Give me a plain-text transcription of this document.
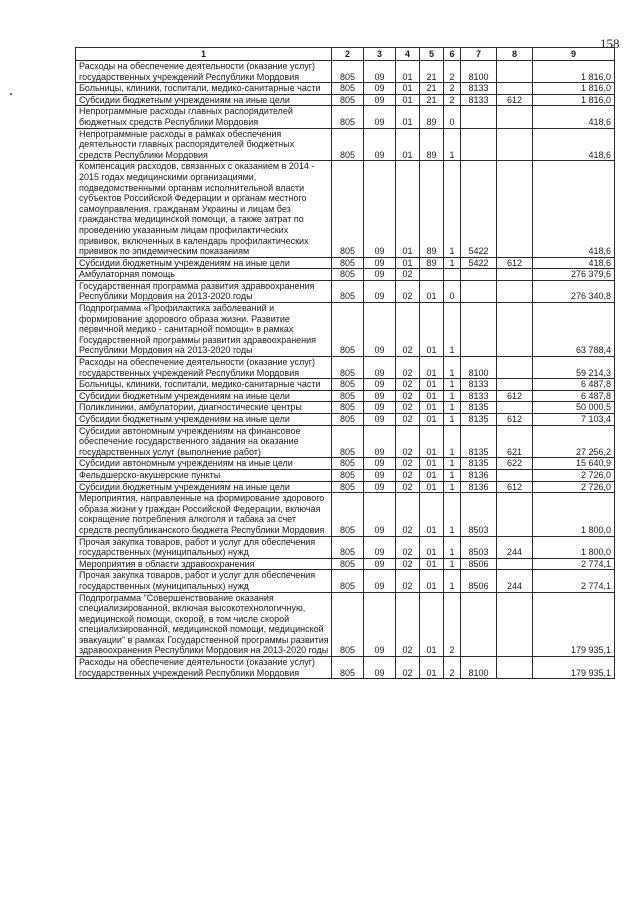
158
1	2	3	4	5	6	7	8	9
Расходы на обеспечение деятельности (оказание услуг) государственных учреждений Республики Мордовия	805	09	01	21	2	8100		1 816,0
Больницы, клиники, госпитали, медико-санитарные части	805	09	01	21	2	8133		1 816,0
Субсидии бюджетным учреждениям на иные цели	805	09	01	21	2	8133	612	1 816,0
Непрограммные расходы главных распорядителей бюджетных средств Республики Мордовия	805	09	01	89	0			418,6
Непрограммные расходы в рамках обеспечения деятельности главных распорядителей бюджетных средств Республики Мордовия	805	09	01	89	1			418,6
Компенсация расходов, связанных с оказанием в 2014 - 2015 годах медицинскими организациями, подведомственными органам исполнительной власти субъектов Российской Федерации и органам местного самоуправления, гражданам Украины и лицам без гражданства медицинской помощи, а также затрат по проведению указанным лицам профилактических прививок, включенных в календарь профилактических прививок по эпидемическим показаниям	805	09	01	89	1	5422		418,6
Субсидии бюджетным учреждениям на иные цели	805	09	01	89	1	5422	612	418,6
Амбулаторная помощь	805	09	02					276 379,6
Государственная программа развития здравоохранения Республики Мордовия на 2013-2020 годы	805	09	02	01	0			276 340,8
Подпрограмма «Профилактика заболеваний и формирование здорового образа жизни. Развитие первичной медико - санитарной помощи» в рамках Государственной программы развития здравоохранения Республики Мордовия на 2013-2020 годы	805	09	02	01	1			63 788,4
Расходы на обеспечение деятельности (оказание услуг) государственных учреждений Республики Мордовия	805	09	02	01	1	8100		59 214,3
Больницы, клиники, госпитали, медико-санитарные части	805	09	02	01	1	8133		6 487,8
Субсидии бюджетным учреждениям на иные цели	805	09	02	01	1	8133	612	6 487,8
Поликлиники, амбулатории, диагностические центры	805	09	02	01	1	8135		50 000,5
Субсидии бюджетным учреждениям на иные цели	805	09	02	01	1	8135	612	7 103,4
Субсидии автономным учреждениям на финансовое обеспечение государственного задания на оказание государственных услуг (выполнение работ)	805	09	02	01	1	8135	621	27 256,2
Субсидии автономным учреждениям на иные цели	805	09	02	01	1	8135	622	15 640,9
Фельдшерско-акушерские пункты	805	09	02	01	1	8136		2 726,0
Субсидии бюджетным учреждениям на иные цели	805	09	02	01	1	8136	612	2 726,0
Мероприятия, направленные на формирование здорового образа жизни у граждан Российской Федерации, включая сокращение потребления алкоголя и табака за счет средств республиканского бюджета Республики Мордовия	805	09	02	01	1	8503		1 800,0
Прочая закупка товаров, работ и услуг для обеспечения государственных (муниципальных) нужд	805	09	02	01	1	8503	244	1 800,0
Мероприятия в области здравоохранения	805	09	02	01	1	8506		2 774,1
Прочая закупка товаров, работ и услуг для обеспечения государственных (муниципальных) нужд	805	09	02	01	1	8506	244	2 774,1
Подпрограмма "Совершенствование оказания специализированной, включая высокотехнологичную, медицинской помощи, скорой, в том числе скорой специализированной, медицинской помощи, медицинской эвакуации" в рамках Государственной программы развития здравоохранения Республики Мордовия на 2013-2020 годы	805	09	02	01	2			179 935,1
Расходы на обеспечение деятельности (оказание услуг) государственных учреждений Республики Мордовия	805	09	02	01	2	8100		179 935,1
